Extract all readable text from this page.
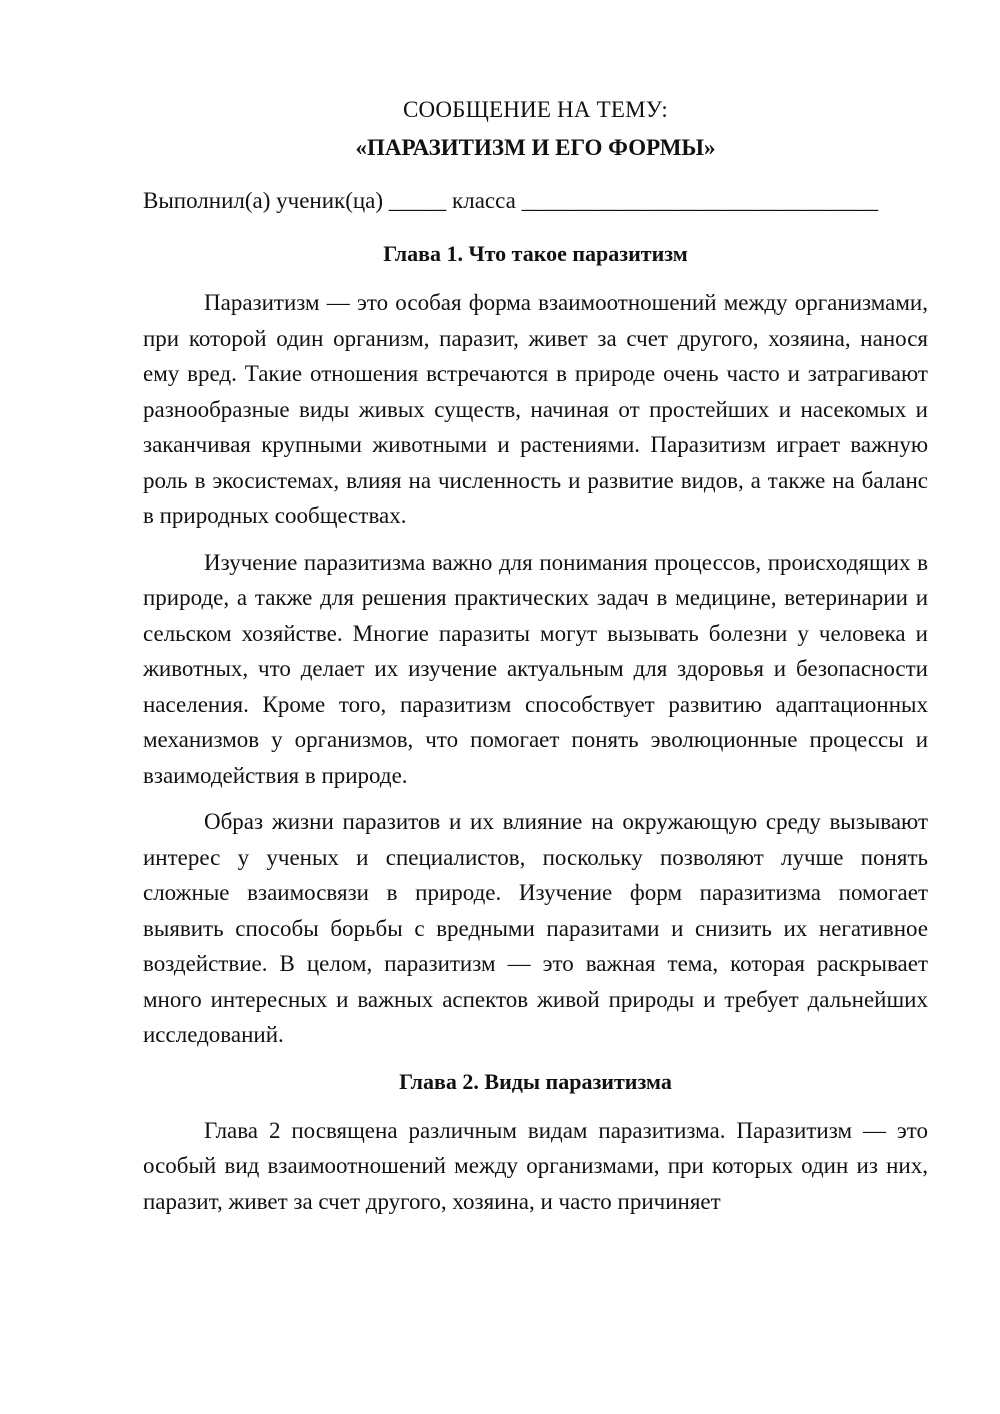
СООБЩЕНИЕ НА ТЕМУ:
«ПАРАЗИТИЗМ И ЕГО ФОРМЫ»
Выполнил(а) ученик(ца) _____ класса _______________________________
Глава 1. Что такое паразитизм

Паразитизм — это особая форма взаимоотношений между организмами, при которой один организм, паразит, живет за счет другого, хозяина, нанося ему вред. Такие отношения встречаются в природе очень часто и затрагивают разнообразные виды живых существ, начиная от простейших и насекомых и заканчивая крупными животными и растениями. Паразитизм играет важную роль в экосистемах, влияя на численность и развитие видов, а также на баланс в природных сообществах.

Изучение паразитизма важно для понимания процессов, происходящих в природе, а также для решения практических задач в медицине, ветеринарии и сельском хозяйстве. Многие паразиты могут вызывать болезни у человека и животных, что делает их изучение актуальным для здоровья и безопасности населения. Кроме того, паразитизм способствует развитию адаптационных механизмов у организмов, что помогает понять эволюционные процессы и взаимодействия в природе.

Образ жизни паразитов и их влияние на окружающую среду вызывают интерес у ученых и специалистов, поскольку позволяют лучше понять сложные взаимосвязи в природе. Изучение форм паразитизма помогает выявить способы борьбы с вредными паразитами и снизить их негативное воздействие. В целом, паразитизм — это важная тема, которая раскрывает много интересных и важных аспектов живой природы и требует дальнейших исследований.

Глава 2. Виды паразитизма

Глава 2 посвящена различным видам паразитизма. Паразитизм — это особый вид взаимоотношений между организмами, при которых один из них, паразит, живет за счет другого, хозяина, и часто причиняет
